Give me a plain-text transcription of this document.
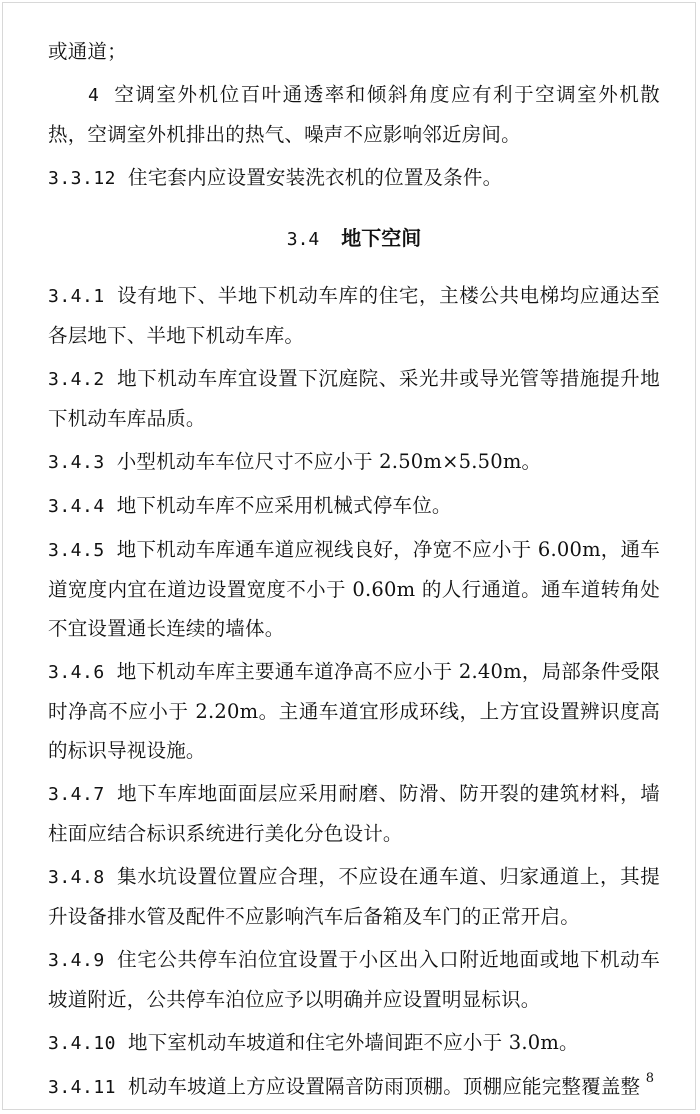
或通道；

4 空调室外机位百叶通透率和倾斜角度应有利于空调室外机散热，空调室外机排出的热气、噪声不应影响邻近房间。

3.3.12 住宅套内应设置安装洗衣机的位置及条件。

3.4 地下空间

3.4.1 设有地下、半地下机动车库的住宅，主楼公共电梯均应通达至各层地下、半地下机动车库。

3.4.2 地下机动车库宜设置下沉庭院、采光井或导光管等措施提升地下机动车库品质。

3.4.3 小型机动车车位尺寸不应小于 2.50m×5.50m。

3.4.4 地下机动车库不应采用机械式停车位。

3.4.5 地下机动车库通车道应视线良好，净宽不应小于 6.00m，通车道宽度内宜在道边设置宽度不小于 0.60m 的人行通道。通车道转角处不宜设置通长连续的墙体。

3.4.6 地下机动车库主要通车道净高不应小于 2.40m，局部条件受限时净高不应小于 2.20m。主通车道宜形成环线，上方宜设置辨识度高的标识导视设施。

3.4.7 地下车库地面面层应采用耐磨、防滑、防开裂的建筑材料，墙柱面应结合标识系统进行美化分色设计。

3.4.8 集水坑设置位置应合理，不应设在通车道、归家通道上，其提升设备排水管及配件不应影响汽车后备箱及车门的正常开启。

3.4.9 住宅公共停车泊位宜设置于小区出入口附近地面或地下机动车坡道附近，公共停车泊位应予以明确并应设置明显标识。

3.4.10 地下室机动车坡道和住宅外墙间距不应小于 3.0m。

3.4.11 机动车坡道上方应设置隔音防雨顶棚。顶棚应能完整覆盖整 8
